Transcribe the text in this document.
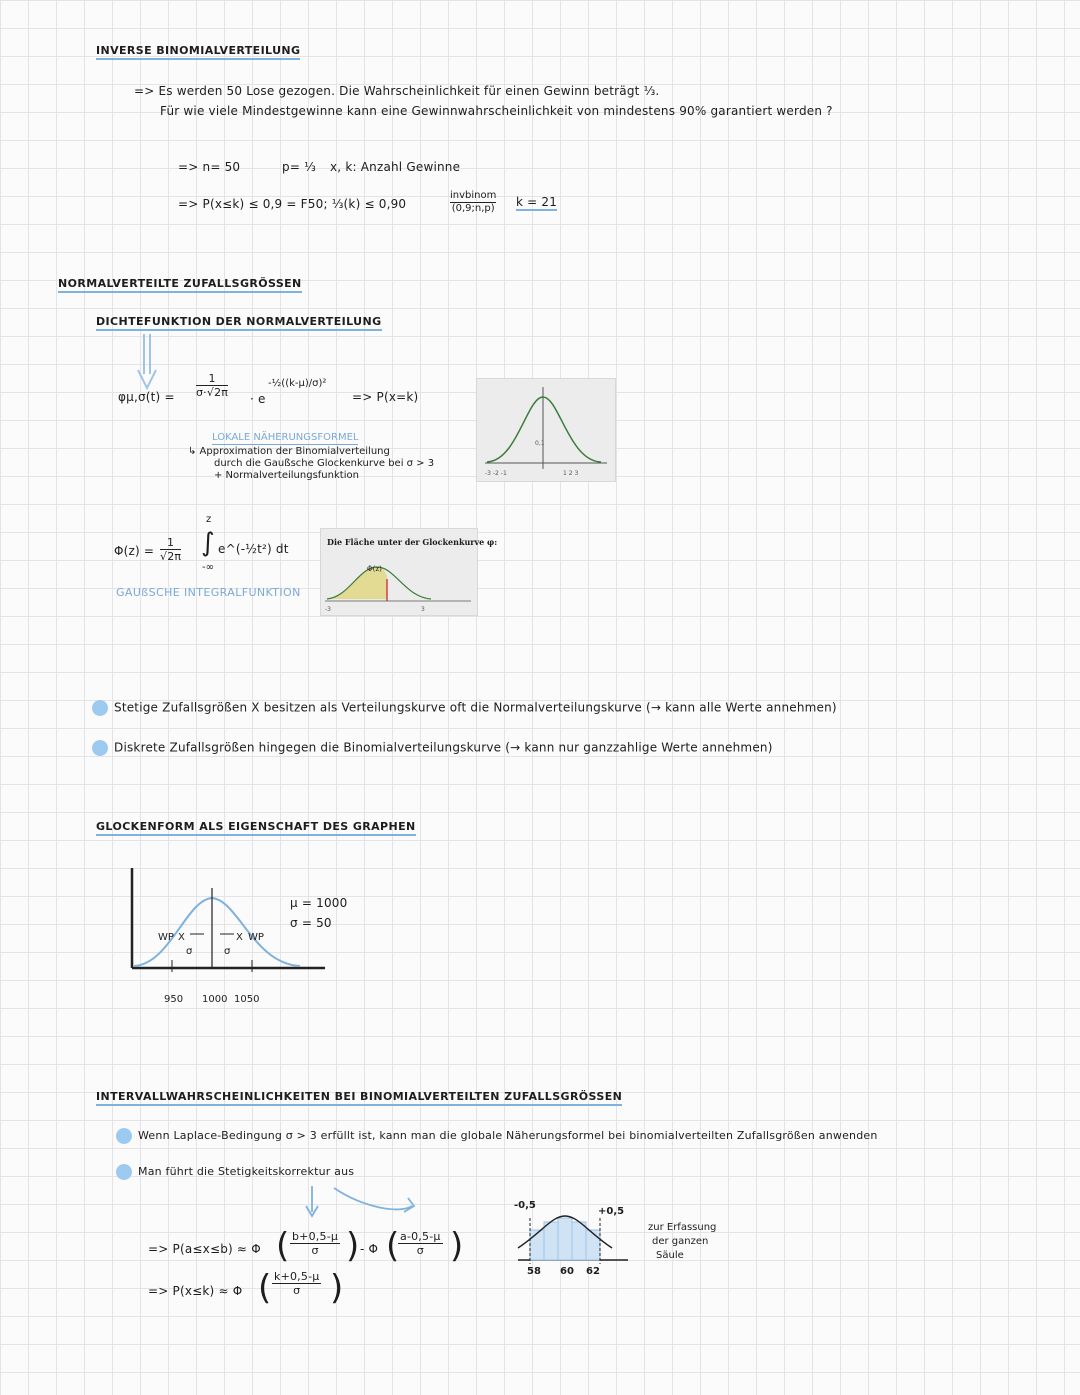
INVERSE BINOMIALVERTEILUNG
=> Es werden 50 Lose gezogen. Die Wahrscheinlichkeit für einen Gewinn beträgt ⅓.
Für wie viele Mindestgewinne kann eine Gewinnwahrscheinlichkeit von mindestens 90% garantiert werden ?
=> n= 50	p= ⅓ x, k: Anzahl Gewinne
=> P(x≤k) ≤ 0,9 = F50; ⅓(k) ≤ 0,90
invbinom
(0,9;n,p) k = 21
NORMALVERTEILTE ZUFALLSGRÖSSEN
DICHTEFUNKTION DER NORMALVERTEILUNG
$\varphi\mu,\sigma(t) = \frac{1}{\sigma\cdot√2\pi} \cdot e$
-½((k-μ)/σ)²
=> P(x=k)
LOKALE NÄHERUNGSFORMEL
↳ Approximation der Binomialverteilung
durch die Gaußsche Glockenkurve bei σ > 3
+ Normalverteilungsfunktion	-3 -2 -1	1 2 3
0,1
$\Phi(z) = \frac{1}{√2\pi}$
z
∫
-∞
e^(-½t²) dt
GAUßSCHE INTEGRALFUNKTION
Die Fläche unter der Glockenkurve φ:
-3	3
Φ(z)
Stetige Zufallsgrößen X besitzen als Verteilungskurve oft die Normalverteilungskurve (→ kann alle Werte annehmen)
Diskrete Zufallsgrößen hingegen die Binomialverteilungskurve (→ kann nur ganzzahlige Werte annehmen)
GLOCKENFORM ALS EIGENSCHAFT DES GRAPHEN
WP X	X WP
σ	σ
μ = 1000
σ = 50
950 1000 1050
INTERVALLWAHRSCHEINLICHKEITEN BEI BINOMIALVERTEILTEN ZUFALLSGRÖSSEN
Wenn Laplace-Bedingung σ > 3 erfüllt ist, kann man die globale Näherungsformel bei binomialverteilten Zufallsgrößen anwenden
Man führt die Stetigkeitskorrektur aus
=> P(a≤x≤b) ≈ Φ ( $\frac{b+0,5-\mu}{\sigma}$ ) - Φ (
$\frac{a-0,5-\mu}{\sigma}$ )
=> P(x≤k) ≈ Φ ( $\frac{k+0,5-\mu}{\sigma}$ )
-0,5
+0,5
58 60 62
zur Erfassung
der ganzen
Säule
